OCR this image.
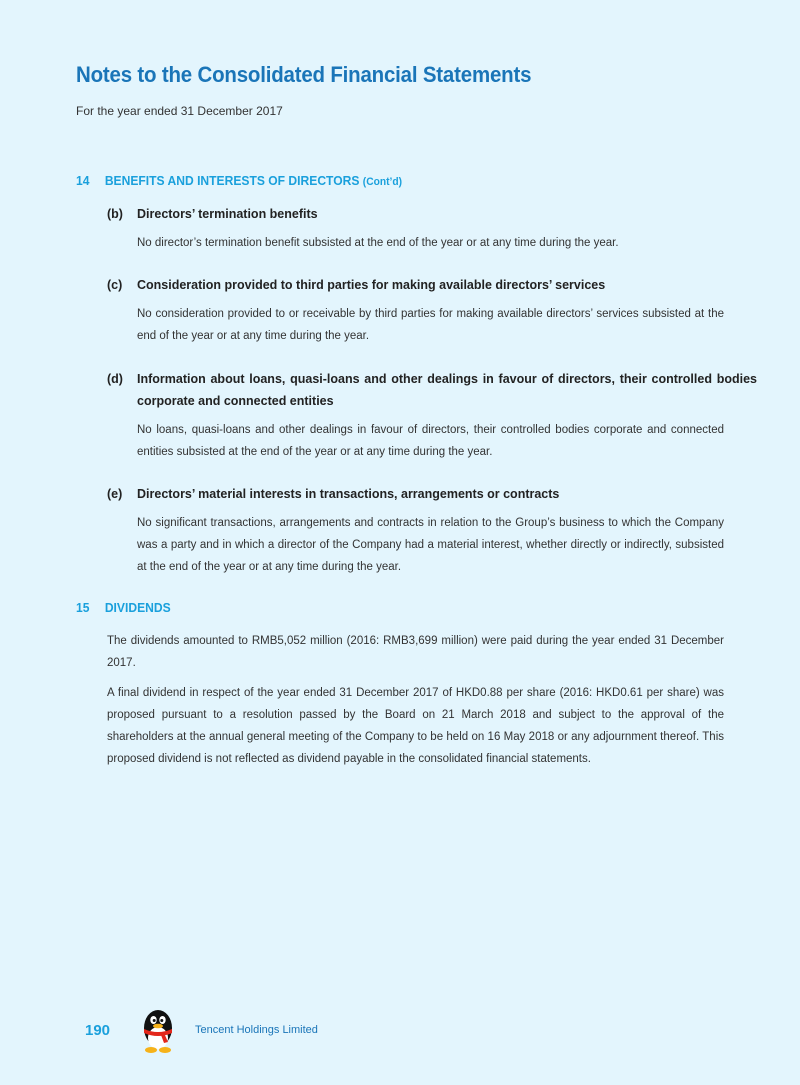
Notes to the Consolidated Financial Statements
For the year ended 31 December 2017
14 BENEFITS AND INTERESTS OF DIRECTORS (Cont’d)
(b) Directors’ termination benefits

No director’s termination benefit subsisted at the end of the year or at any time during the year.

(c) Consideration provided to third parties for making available directors’ services

No consideration provided to or receivable by third parties for making available directors’ services subsisted at the end of the year or at any time during the year.

(d) Information about loans, quasi-loans and other dealings in favour of directors, their controlled bodies corporate and connected entities

No loans, quasi-loans and other dealings in favour of directors, their controlled bodies corporate and connected entities subsisted at the end of the year or at any time during the year.

(e) Directors’ material interests in transactions, arrangements or contracts

No significant transactions, arrangements and contracts in relation to the Group’s business to which the Company was a party and in which a director of the Company had a material interest, whether directly or indirectly, subsisted at the end of the year or at any time during the year.

15 DIVIDENDS

The dividends amounted to RMB5,052 million (2016: RMB3,699 million) were paid during the year ended 31 December 2017.

A final dividend in respect of the year ended 31 December 2017 of HKD0.88 per share (2016: HKD0.61 per share) was proposed pursuant to a resolution passed by the Board on 21 March 2018 and subject to the approval of the shareholders at the annual general meeting of the Company to be held on 16 May 2018 or any adjournment thereof. This proposed dividend is not reflected as dividend payable in the consolidated financial statements.

190	Tencent Holdings Limited
